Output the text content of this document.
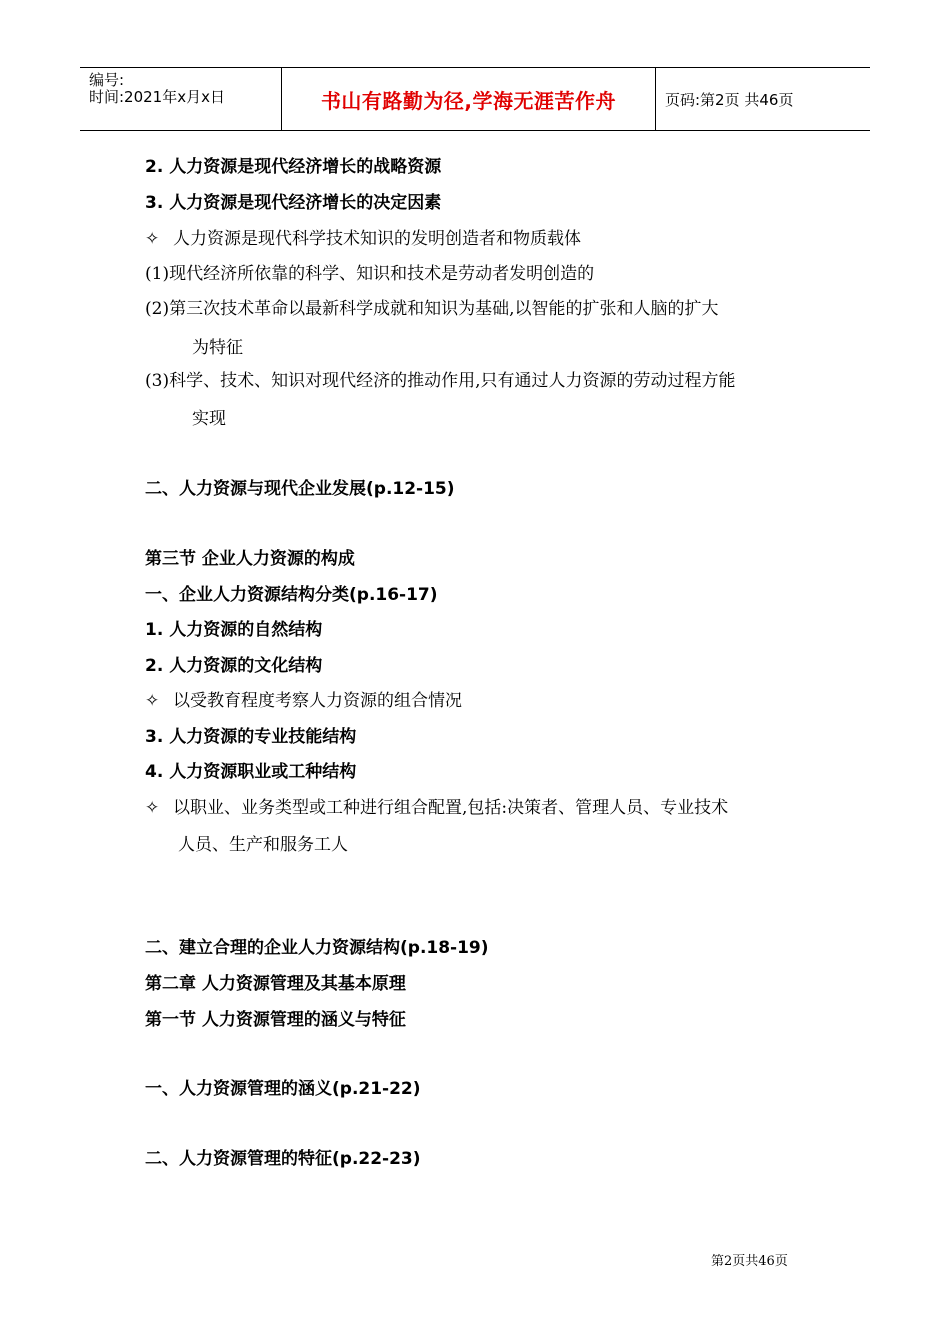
编号:
时间:2021年x月x日	书山有路勤为径,学海无涯苦作舟	页码:第2页 共46页
2. 人力资源是现代经济增长的战略资源
3. 人力资源是现代经济增长的决定因素
✧ 人力资源是现代科学技术知识的发明创造者和物质载体
(1)现代经济所依靠的科学、知识和技术是劳动者发明创造的
(2)第三次技术革命以最新科学成就和知识为基础,以智能的扩张和人脑的扩大
为特征
(3)科学、技术、知识对现代经济的推动作用,只有通过人力资源的劳动过程方能
实现
二、人力资源与现代企业发展(p.12-15)
第三节 企业人力资源的构成
一、企业人力资源结构分类(p.16-17)
1. 人力资源的自然结构
2. 人力资源的文化结构
✧ 以受教育程度考察人力资源的组合情况
3. 人力资源的专业技能结构
4. 人力资源职业或工种结构
✧ 以职业、业务类型或工种进行组合配置,包括:决策者、管理人员、专业技术
人员、生产和服务工人
二、建立合理的企业人力资源结构(p.18-19)
第二章 人力资源管理及其基本原理
第一节 人力资源管理的涵义与特征
一、人力资源管理的涵义(p.21-22)
二、人力资源管理的特征(p.22-23)
第2页共46页
